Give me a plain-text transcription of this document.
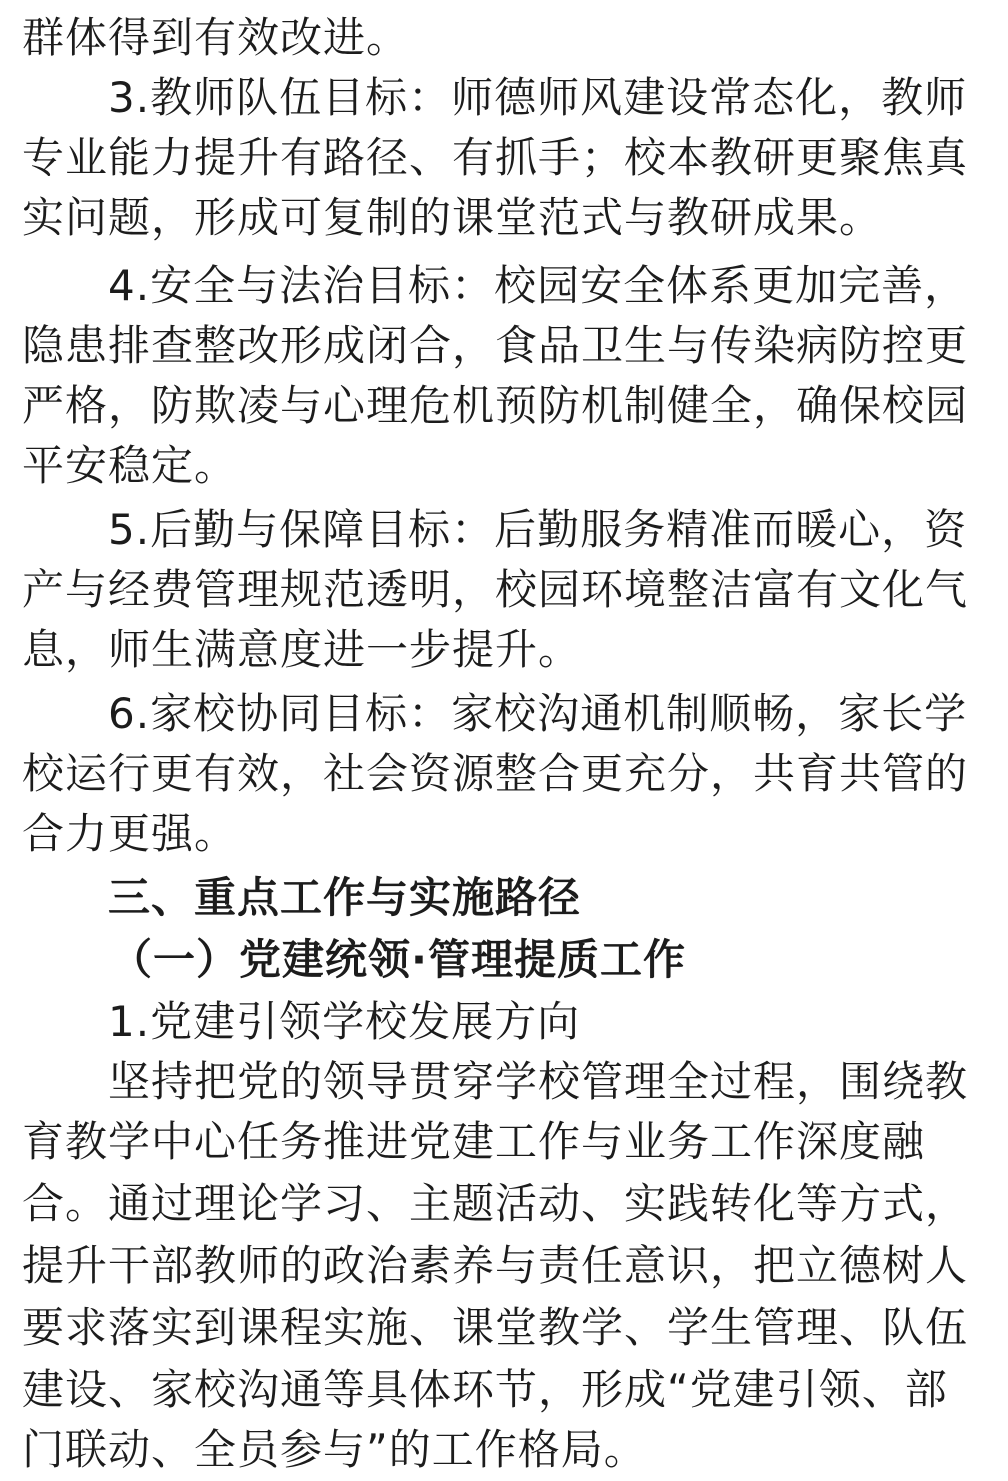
群体得到有效改进。
3.教师队伍目标：师德师风建设常态化，教师
专业能力提升有路径、有抓手；校本教研更聚焦真
实问题，形成可复制的课堂范式与教研成果。
4.安全与法治目标：校园安全体系更加完善，
隐患排查整改形成闭合，食品卫生与传染病防控更
严格，防欺凌与心理危机预防机制健全，确保校园
平安稳定。
5.后勤与保障目标：后勤服务精准而暖心，资
产与经费管理规范透明，校园环境整洁富有文化气
息，师生满意度进一步提升。
6.家校协同目标：家校沟通机制顺畅，家长学
校运行更有效，社会资源整合更充分，共育共管的
合力更强。
三、重点工作与实施路径
（一）党建统领·管理提质工作
1.党建引领学校发展方向
坚持把党的领导贯穿学校管理全过程，围绕教
育教学中心任务推进党建工作与业务工作深度融
合。通过理论学习、主题活动、实践转化等方式，
提升干部教师的政治素养与责任意识，把立德树人
要求落实到课程实施、课堂教学、学生管理、队伍
建设、家校沟通等具体环节，形成“党建引领、部
门联动、全员参与”的工作格局。
